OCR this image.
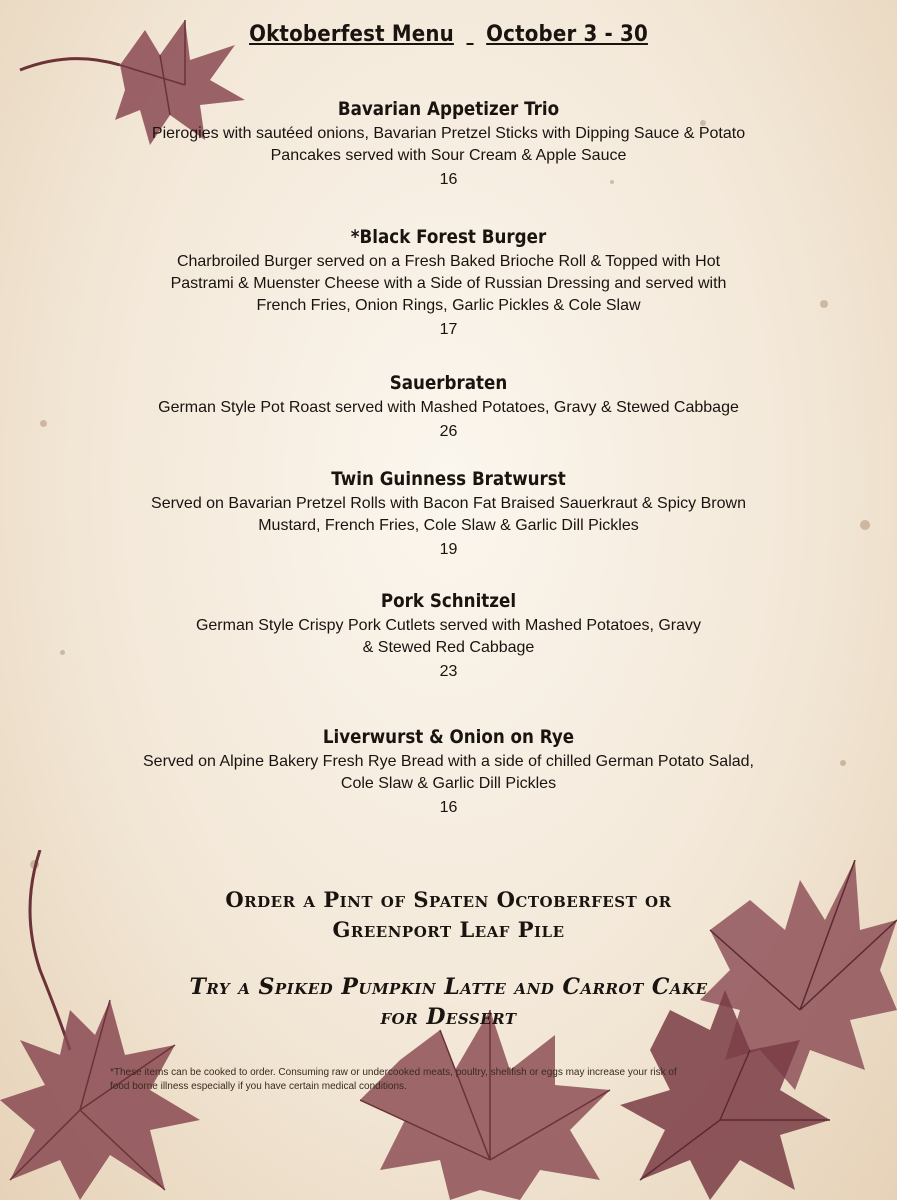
Oktoberfest Menu October 3 - 30
Bavarian Appetizer Trio
Pierogies with sautéed onions, Bavarian Pretzel Sticks with Dipping Sauce & Potato
Pancakes served with Sour Cream & Apple Sauce
16
*Black Forest Burger
Charbroiled Burger served on a Fresh Baked Brioche Roll & Topped with Hot
Pastrami & Muenster Cheese with a Side of Russian Dressing and served with
French Fries, Onion Rings, Garlic Pickles & Cole Slaw
17
Sauerbraten
German Style Pot Roast served with Mashed Potatoes, Gravy & Stewed Cabbage
26
Twin Guinness Bratwurst
Served on Bavarian Pretzel Rolls with Bacon Fat Braised Sauerkraut & Spicy Brown
Mustard, French Fries, Cole Slaw & Garlic Dill Pickles
19
Pork Schnitzel
German Style Crispy Pork Cutlets served with Mashed Potatoes, Gravy
& Stewed Red Cabbage
23
Liverwurst & Onion on Rye
Served on Alpine Bakery Fresh Rye Bread with a side of chilled German Potato Salad,
Cole Slaw & Garlic Dill Pickles
16
Order a Pint of Spaten Octoberfest or
Greenport Leaf Pile
Try a Spiked Pumpkin Latte and Carrot Cake
for Dessert
*These items can be cooked to order. Consuming raw or undercooked meats, poultry, shellfish or eggs may increase your risk of
food borne illness especially if you have certain medical conditions.
